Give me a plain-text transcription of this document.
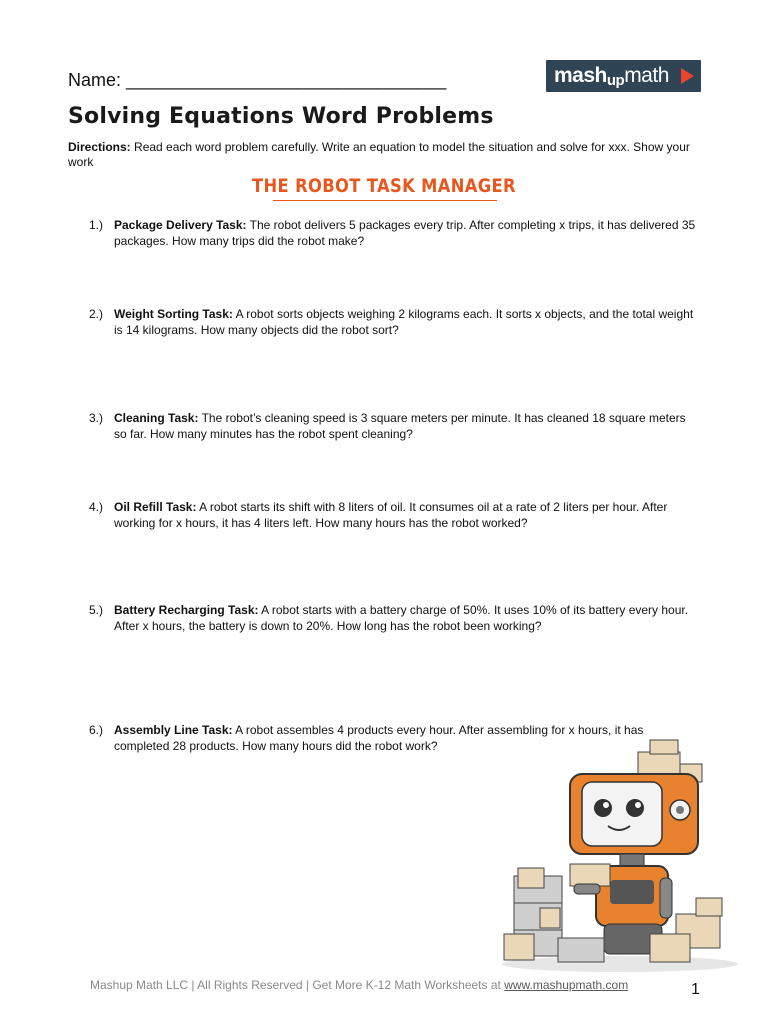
Name: ________________________________	mashupmath
Solving Equations Word Problems

Directions: Read each word problem carefully. Write an equation to model the situation and solve for xxx. Show your work

THE ROBOT TASK MANAGER
1.) Package Delivery Task: The robot delivers 5 packages every trip. After completing x trips, it has delivered 35 packages. How many trips did the robot make?
2.) Weight Sorting Task: A robot sorts objects weighing 2 kilograms each. It sorts x objects, and the total weight is 14 kilograms. How many objects did the robot sort?
3.) Cleaning Task: The robot’s cleaning speed is 3 square meters per minute. It has cleaned 18 square meters so far. How many minutes has the robot spent cleaning?
4.) Oil Refill Task: A robot starts its shift with 8 liters of oil. It consumes oil at a rate of 2 liters per hour. After working for x hours, it has 4 liters left. How many hours has the robot worked?
5.) Battery Recharging Task: A robot starts with a battery charge of 50%. It uses 10% of its battery every hour. After x hours, the battery is down to 20%. How long has the robot been working?
6.) Assembly Line Task: A robot assembles 4 products every hour. After assembling for x hours, it has completed 28 products. How many hours did the robot work?
Mashup Math LLC | All Rights Reserved | Get More K-12 Math Worksheets at www.mashupmath.com	1
